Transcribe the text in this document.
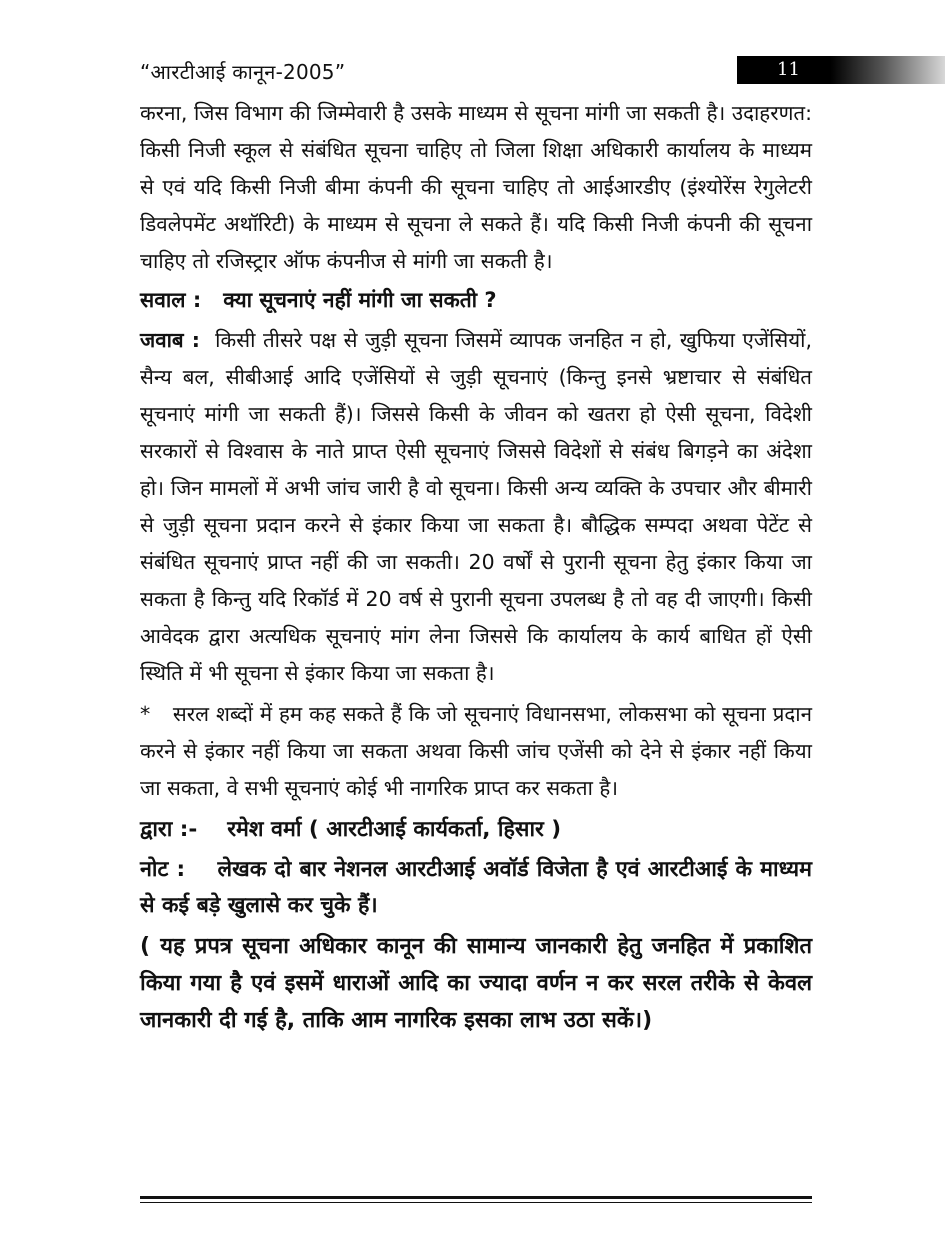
“आरटीआई कानून-2005”	11

करना, जिस विभाग की जिम्मेवारी है उसके माध्यम से सूचना मांगी जा सकती है। उदाहरणत: किसी निजी स्कूल से संबंधित सूचना चाहिए तो जिला शिक्षा अधिकारी कार्यालय के माध्यम से एवं यदि किसी निजी बीमा कंपनी की सूचना चाहिए तो आईआरडीए (इंश्योरेंस रेगुलेटरी डिवलेपमेंट अथॉरिटी) के माध्यम से सूचना ले सकते हैं। यदि किसी निजी कंपनी की सूचना चाहिए तो रजिस्ट्रार ऑफ कंपनीज से मांगी जा सकती है।

सवाल : क्या सूचनाएं नहीं मांगी जा सकती ?

जवाब : किसी तीसरे पक्ष से जुड़ी सूचना जिसमें व्यापक जनहित न हो, खुफिया एजेंसियों, सैन्य बल, सीबीआई आदि एजेंसियों से जुड़ी सूचनाएं (किन्तु इनसे भ्रष्टाचार से संबंधित सूचनाएं मांगी जा सकती हैं)। जिससे किसी के जीवन को खतरा हो ऐसी सूचना, विदेशी सरकारों से विश्वास के नाते प्राप्त ऐसी सूचनाएं जिससे विदेशों से संबंध बिगड़ने का अंदेशा हो। जिन मामलों में अभी जांच जारी है वो सूचना। किसी अन्य व्यक्ति के उपचार और बीमारी से जुड़ी सूचना प्रदान करने से इंकार किया जा सकता है। बौद्धिक सम्पदा अथवा पेटेंट से संबंधित सूचनाएं प्राप्त नहीं की जा सकती। 20 वर्षों से पुरानी सूचना हेतु इंकार किया जा सकता है किन्तु यदि रिकॉर्ड में 20 वर्ष से पुरानी सूचना उपलब्ध है तो वह दी जाएगी। किसी आवेदक द्वारा अत्यधिक सूचनाएं मांग लेना जिससे कि कार्यालय के कार्य बाधित हों ऐसी स्थिति में भी सूचना से इंकार किया जा सकता है।

* सरल शब्दों में हम कह सकते हैं कि जो सूचनाएं विधानसभा, लोकसभा को सूचना प्रदान करने से इंकार नहीं किया जा सकता अथवा किसी जांच एजेंसी को देने से इंकार नहीं किया जा सकता, वे सभी सूचनाएं कोई भी नागरिक प्राप्त कर सकता है।

द्वारा :- रमेश वर्मा ( आरटीआई कार्यकर्ता, हिसार )

नोट : लेखक दो बार नेशनल आरटीआई अवॉर्ड विजेता है एवं आरटीआई के माध्यम से कई बड़े खुलासे कर चुके हैं।

( यह प्रपत्र सूचना अधिकार कानून की सामान्य जानकारी हेतु जनहित में प्रकाशित किया गया है एवं इसमें धाराओं आदि का ज्यादा वर्णन न कर सरल तरीके से केवल जानकारी दी गई है, ताकि आम नागरिक इसका लाभ उठा सकें।)
